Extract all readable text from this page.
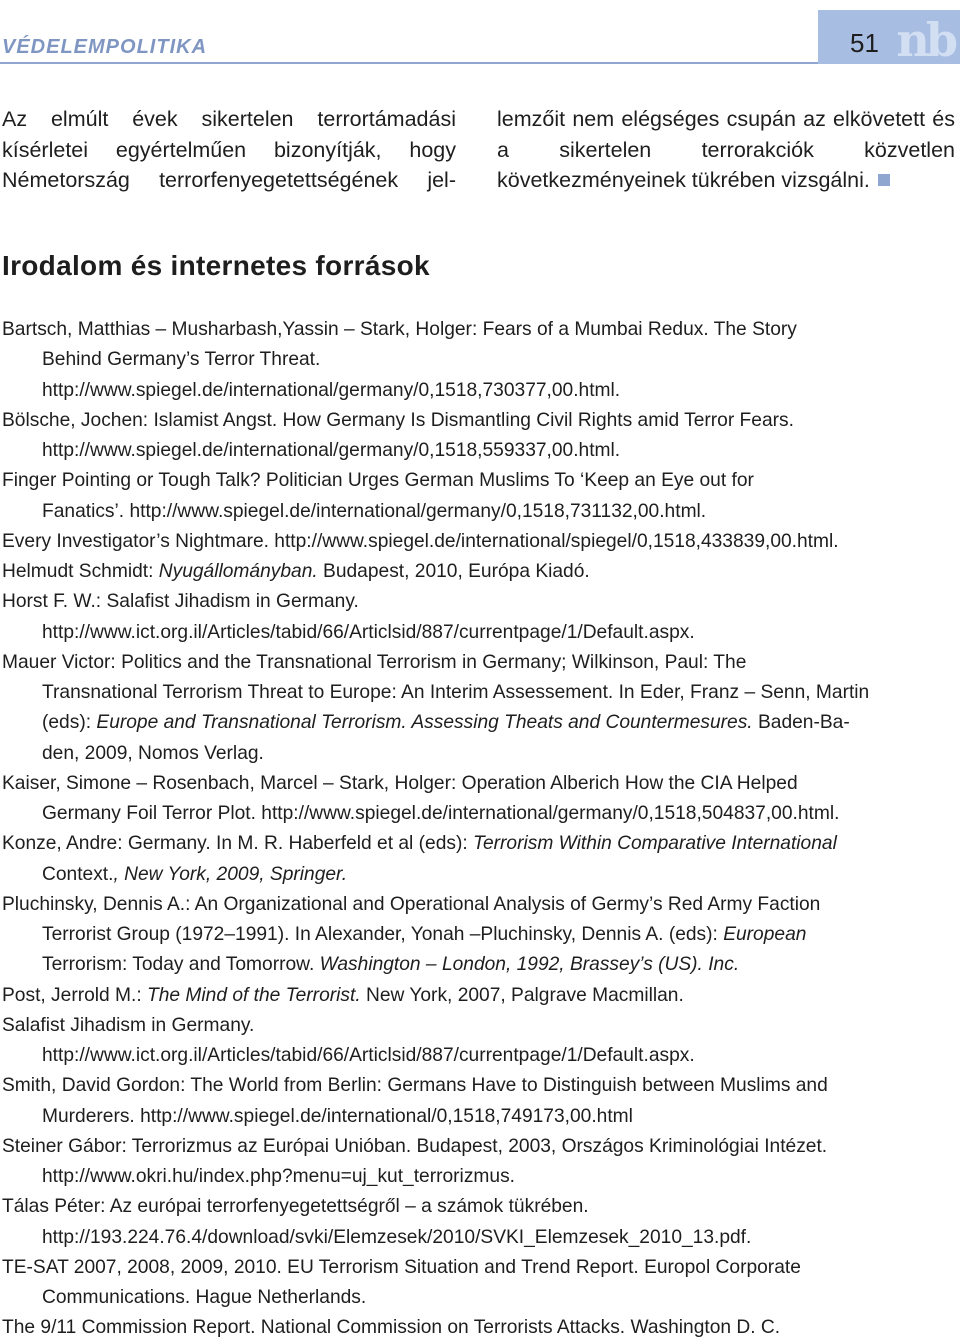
VÉDELEMPOLITIKA	51 nb
Az elmúlt évek sikertelen terrortámadási kísérletei egyértelműen bizonyítják, hogy Németország terrorfenyegetettségének jel-
lemzőit nem elégséges csupán az elkövetett és a sikertelen terrorakciók közvetlen következményeinek tükrében vizsgálni.
Irodalom és internetes források
Bartsch, Matthias – Musharbash,Yassin – Stark, Holger: Fears of a Mumbai Redux. The Story
Behind Germany’s Terror Threat.
http://www.spiegel.de/international/germany/0,1518,730377,00.html.
Bölsche, Jochen: Islamist Angst. How Germany Is Dismantling Civil Rights amid Terror Fears.
http://www.spiegel.de/international/germany/0,1518,559337,00.html.
Finger Pointing or Tough Talk? Politician Urges German Muslims To ‘Keep an Eye out for
Fanatics’. http://www.spiegel.de/international/germany/0,1518,731132,00.html.
Every Investigator’s Nightmare. http://www.spiegel.de/international/spiegel/0,1518,433839,00.html.
Helmudt Schmidt: Nyugállományban. Budapest, 2010, Európa Kiadó.
Horst F. W.: Salafist Jihadism in Germany.
http://www.ict.org.il/Articles/tabid/66/Articlsid/887/currentpage/1/Default.aspx.
Mauer Victor: Politics and the Transnational Terrorism in Germany; Wilkinson, Paul: The
Transnational Terrorism Threat to Europe: An Interim Assessement. In Eder, Franz – Senn, Martin
(eds): Europe and Transnational Terrorism. Assessing Theats and Countermesures. Baden-Ba-
den, 2009, Nomos Verlag.
Kaiser, Simone – Rosenbach, Marcel – Stark, Holger: Operation Alberich How the CIA Helped
Germany Foil Terror Plot. http://www.spiegel.de/international/germany/0,1518,504837,00.html.
Konze, Andre: Germany. In M. R. Haberfeld et al (eds): Terrorism Within Comparative International
Context., New York, 2009, Springer.
Pluchinsky, Dennis A.: An Organizational and Operational Analysis of Germy’s Red Army Faction
Terrorist Group (1972–1991). In Alexander, Yonah –Pluchinsky, Dennis A. (eds): European
Terrorism: Today and Tomorrow. Washington – London, 1992, Brassey’s (US). Inc.
Post, Jerrold M.: The Mind of the Terrorist. New York, 2007, Palgrave Macmillan.
Salafist Jihadism in Germany.
http://www.ict.org.il/Articles/tabid/66/Articlsid/887/currentpage/1/Default.aspx.
Smith, David Gordon: The World from Berlin: Germans Have to Distinguish between Muslims and
Murderers. http://www.spiegel.de/international/0,1518,749173,00.html
Steiner Gábor: Terrorizmus az Európai Unióban. Budapest, 2003, Országos Kriminológiai Intézet.
http://www.okri.hu/index.php?menu=uj_kut_terrorizmus.
Tálas Péter: Az európai terrorfenyegetettségről – a számok tükrében.
http://193.224.76.4/download/svki/Elemzesek/2010/SVKI_Elemzesek_2010_13.pdf.
TE-SAT 2007, 2008, 2009, 2010. EU Terrorism Situation and Trend Report. Europol Corporate
Communications. Hague Netherlands.
The 9/11 Commission Report. National Commission on Terrorists Attacks. Washington D. C.
